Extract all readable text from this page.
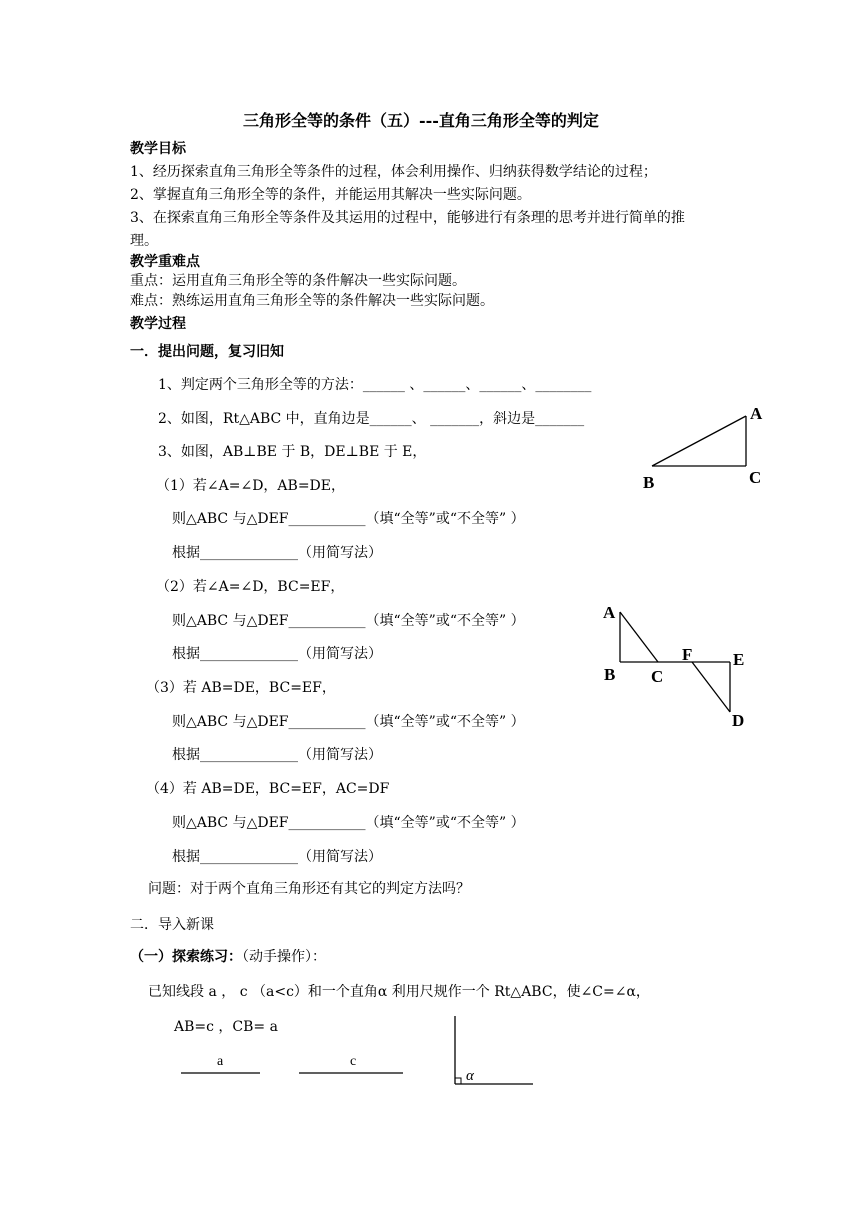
三角形全等的条件（五）---直角三角形全等的判定
教学目标
1、经历探索直角三角形全等条件的过程，体会利用操作、归纳获得数学结论的过程；
2、掌握直角三角形全等的条件，并能运用其解决一些实际问题。
3、在探索直角三角形全等条件及其运用的过程中，能够进行有条理的思考并进行简单的推
理。
教学重难点
重点：运用直角三角形全等的条件解决一些实际问题。
难点：熟练运用直角三角形全等的条件解决一些实际问题。
教学过程
一．提出问题，复习旧知
1、判定两个三角形全等的方法：______ 、______、______、________
2、如图，Rt△ABC 中，直角边是______、 _______，斜边是_______
3、如图，AB⊥BE 于 B，DE⊥BE 于 E，
（1）若∠A=∠D，AB=DE，
则△ABC 与△DEF___________（填“全等”或“不全等” ）
根据______________（用简写法）
（2）若∠A=∠D，BC=EF，
则△ABC 与△DEF___________（填“全等”或“不全等” ）
根据______________（用简写法）
（3）若 AB=DE，BC=EF，
则△ABC 与△DEF___________（填“全等”或“不全等” ）
根据______________（用简写法）
（4）若 AB=DE，BC=EF，AC=DF
则△ABC 与△DEF___________（填“全等”或“不全等” ）
根据______________（用简写法）
问题：对于两个直角三角形还有其它的判定方法吗？
二．导入新课
（一）探索练习：（动手操作）：
已知线段 a ， c （a<c）和一个直角α 利用尺规作一个 Rt△ABC，使∠C=∠α，
AB=c ，CB= a
A
C
B
A
B C
F E
D
a	c
α
